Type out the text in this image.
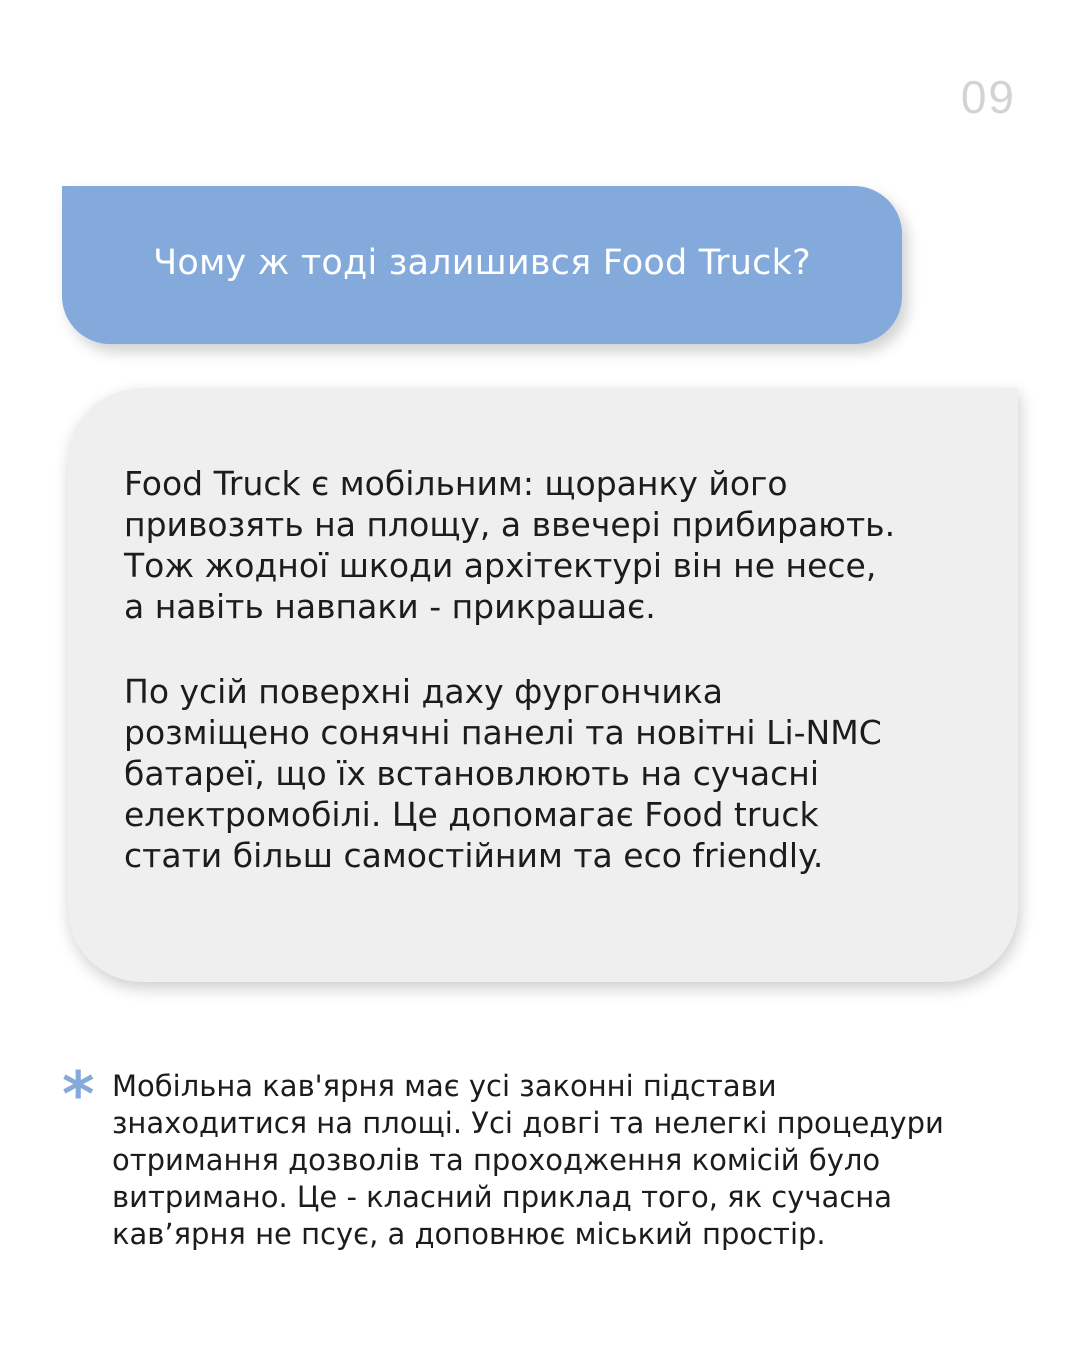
09
Чому ж тоді залишився Food Truck?

Food Truck є мобільним: щоранку його
привозять на площу, а ввечері прибирають.
Тож жодної шкоди архітектурі він не несе,
а навіть навпаки - прикрашає.

По усій поверхні даху фургончика
розміщено сонячні панелі та новітні Li-NMC
батареї, що їх встановлюють на сучасні
електромобілі. Це допомагає Food truck
стати більш самостійним та eco friendly.

* Мобільна кав'ярня має усі законні підстави
знаходитися на площі. Усі довгі та нелегкі процедури
отримання дозволів та проходження комісій було
витримано. Це - класний приклад того, як сучасна
кав’ярня не псує, а доповнює міський простір.
